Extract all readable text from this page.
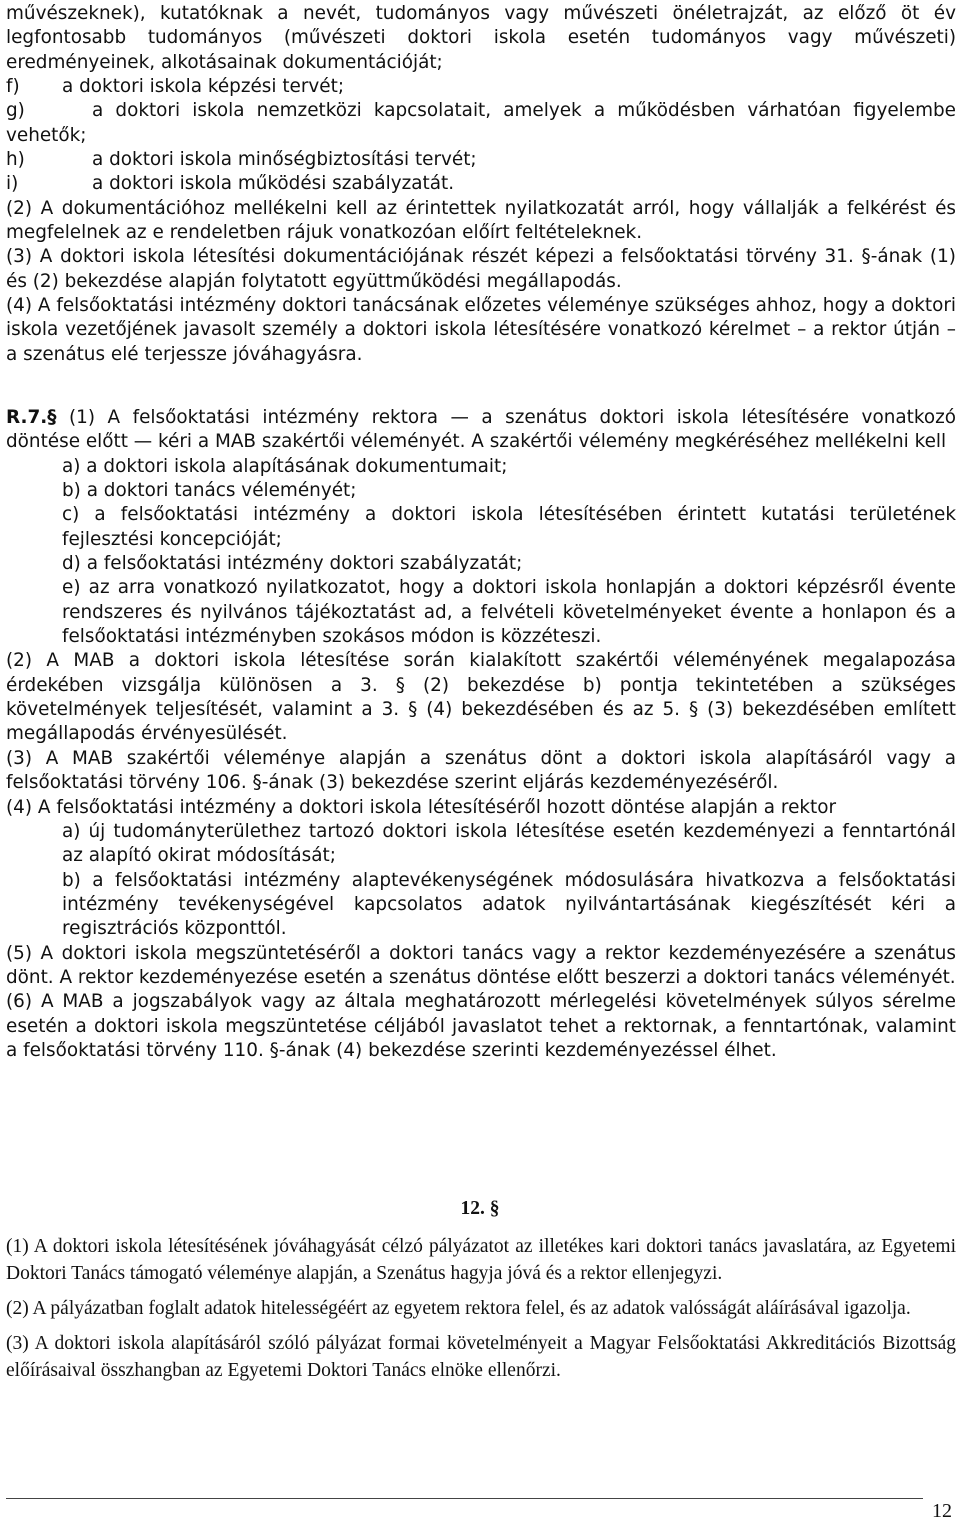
művészeknek), kutatóknak a nevét, tudományos vagy művészeti önéletrajzát, az előző öt év legfontosabb tudományos (művészeti doktori iskola esetén tudományos vagy művészeti) eredményeinek, alkotásainak dokumentációját;
f) a doktori iskola képzési tervét;
g)	a doktori iskola nemzetközi kapcsolatait, amelyek a működésben várhatóan figyelembe vehetők;
h)	a doktori iskola minőségbiztosítási tervét;
i)	a doktori iskola működési szabályzatát.
(2) A dokumentációhoz mellékelni kell az érintettek nyilatkozatát arról, hogy vállalják a felkérést és megfelelnek az e rendeletben rájuk vonatkozóan előírt feltételeknek.
(3) A doktori iskola létesítési dokumentációjának részét képezi a felsőoktatási törvény 31. §-ának (1) és (2) bekezdése alapján folytatott együttműködési megállapodás.
(4) A felsőoktatási intézmény doktori tanácsának előzetes véleménye szükséges ahhoz, hogy a doktori iskola vezetőjének javasolt személy a doktori iskola létesítésére vonatkozó kérelmet – a rektor útján – a szenátus elé terjessze jóváhagyásra.
R.7.§ (1) A felsőoktatási intézmény rektora — a szenátus doktori iskola létesítésére vonatkozó döntése előtt — kéri a MAB szakértői véleményét. A szakértői vélemény megkéréséhez mellékelni kell
a) a doktori iskola alapításának dokumentumait;
b) a doktori tanács véleményét;
c) a felsőoktatási intézmény a doktori iskola létesítésében érintett kutatási területének fejlesztési koncepcióját;
d) a felsőoktatási intézmény doktori szabályzatát;
e) az arra vonatkozó nyilatkozatot, hogy a doktori iskola honlapján a doktori képzésről évente rendszeres és nyilvános tájékoztatást ad, a felvételi követelményeket évente a honlapon és a felsőoktatási intézményben szokásos módon is közzéteszi.
(2) A MAB a doktori iskola létesítése során kialakított szakértői véleményének megalapozása érdekében vizsgálja különösen a 3. § (2) bekezdése b) pontja tekintetében a szükséges követelmények teljesítését, valamint a 3. § (4) bekezdésében és az 5. § (3) bekezdésében említett megállapodás érvényesülését.
(3) A MAB szakértői véleménye alapján a szenátus dönt a doktori iskola alapításáról vagy a felsőoktatási törvény 106. §-ának (3) bekezdése szerint eljárás kezdeményezéséről.
(4) A felsőoktatási intézmény a doktori iskola létesítéséről hozott döntése alapján a rektor
a) új tudományterülethez tartozó doktori iskola létesítése esetén kezdeményezi a fenntartónál az alapító okirat módosítását;
b) a felsőoktatási intézmény alaptevékenységének módosulására hivatkozva a felsőoktatási intézmény tevékenységével kapcsolatos adatok nyilvántartásának kiegészítését kéri a regisztrációs központtól.
(5) A doktori iskola megszüntetéséről a doktori tanács vagy a rektor kezdeményezésére a szenátus dönt. A rektor kezdeményezése esetén a szenátus döntése előtt beszerzi a doktori tanács véleményét.
(6) A MAB a jogszabályok vagy az általa meghatározott mérlegelési követelmények súlyos sérelme esetén a doktori iskola megszüntetése céljából javaslatot tehet a rektornak, a fenntartónak, valamint a felsőoktatási törvény 110. §-ának (4) bekezdése szerinti kezdeményezéssel élhet.
12. §
(1) A doktori iskola létesítésének jóváhagyását célzó pályázatot az illetékes kari doktori tanács javaslatára, az Egyetemi Doktori Tanács támogató véleménye alapján, a Szenátus hagyja jóvá és a rektor ellenjegyzi.
(2) A pályázatban foglalt adatok hitelességéért az egyetem rektora felel, és az adatok valósságát aláírásával igazolja.
(3) A doktori iskola alapításáról szóló pályázat formai követelményeit a Magyar Felsőoktatási Akkreditációs Bizottság előírásaival összhangban az Egyetemi Doktori Tanács elnöke ellenőrzi.
12
